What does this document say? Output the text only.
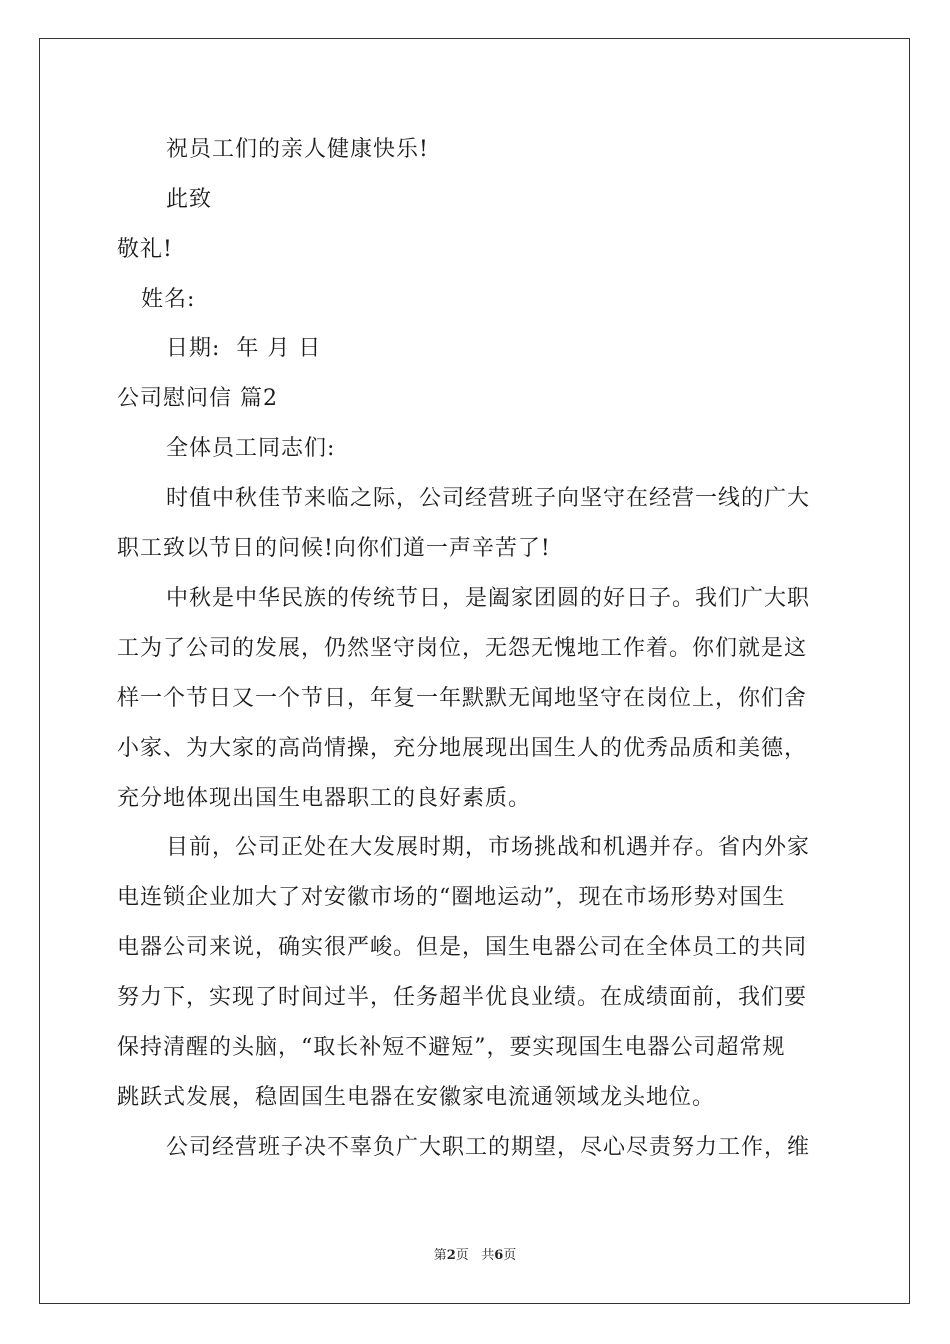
祝员工们的亲人健康快乐!
此致
敬礼!
姓名:
日期:  年 月 日
公司慰问信 篇2
全体员工同志们:
时值中秋佳节来临之际，公司经营班子向坚守在经营一线的广大
职工致以节日的问候!向你们道一声辛苦了!
中秋是中华民族的传统节日，是阖家团圆的好日子。我们广大职
工为了公司的发展，仍然坚守岗位，无怨无愧地工作着。你们就是这
样一个节日又一个节日，年复一年默默无闻地坚守在岗位上，你们舍
小家、为大家的高尚情操，充分地展现出国生人的优秀品质和美德，
充分地体现出国生电器职工的良好素质。
目前，公司正处在大发展时期，市场挑战和机遇并存。省内外家
电连锁企业加大了对安徽市场的“圈地运动”，现在市场形势对国生
电器公司来说，确实很严峻。但是，国生电器公司在全体员工的共同
努力下，实现了时间过半，任务超半优良业绩。在成绩面前，我们要
保持清醒的头脑，“取长补短不避短”，要实现国生电器公司超常规
跳跃式发展，稳固国生电器在安徽家电流通领域龙头地位。
公司经营班子决不辜负广大职工的期望，尽心尽责努力工作，维
第2页   共6页
